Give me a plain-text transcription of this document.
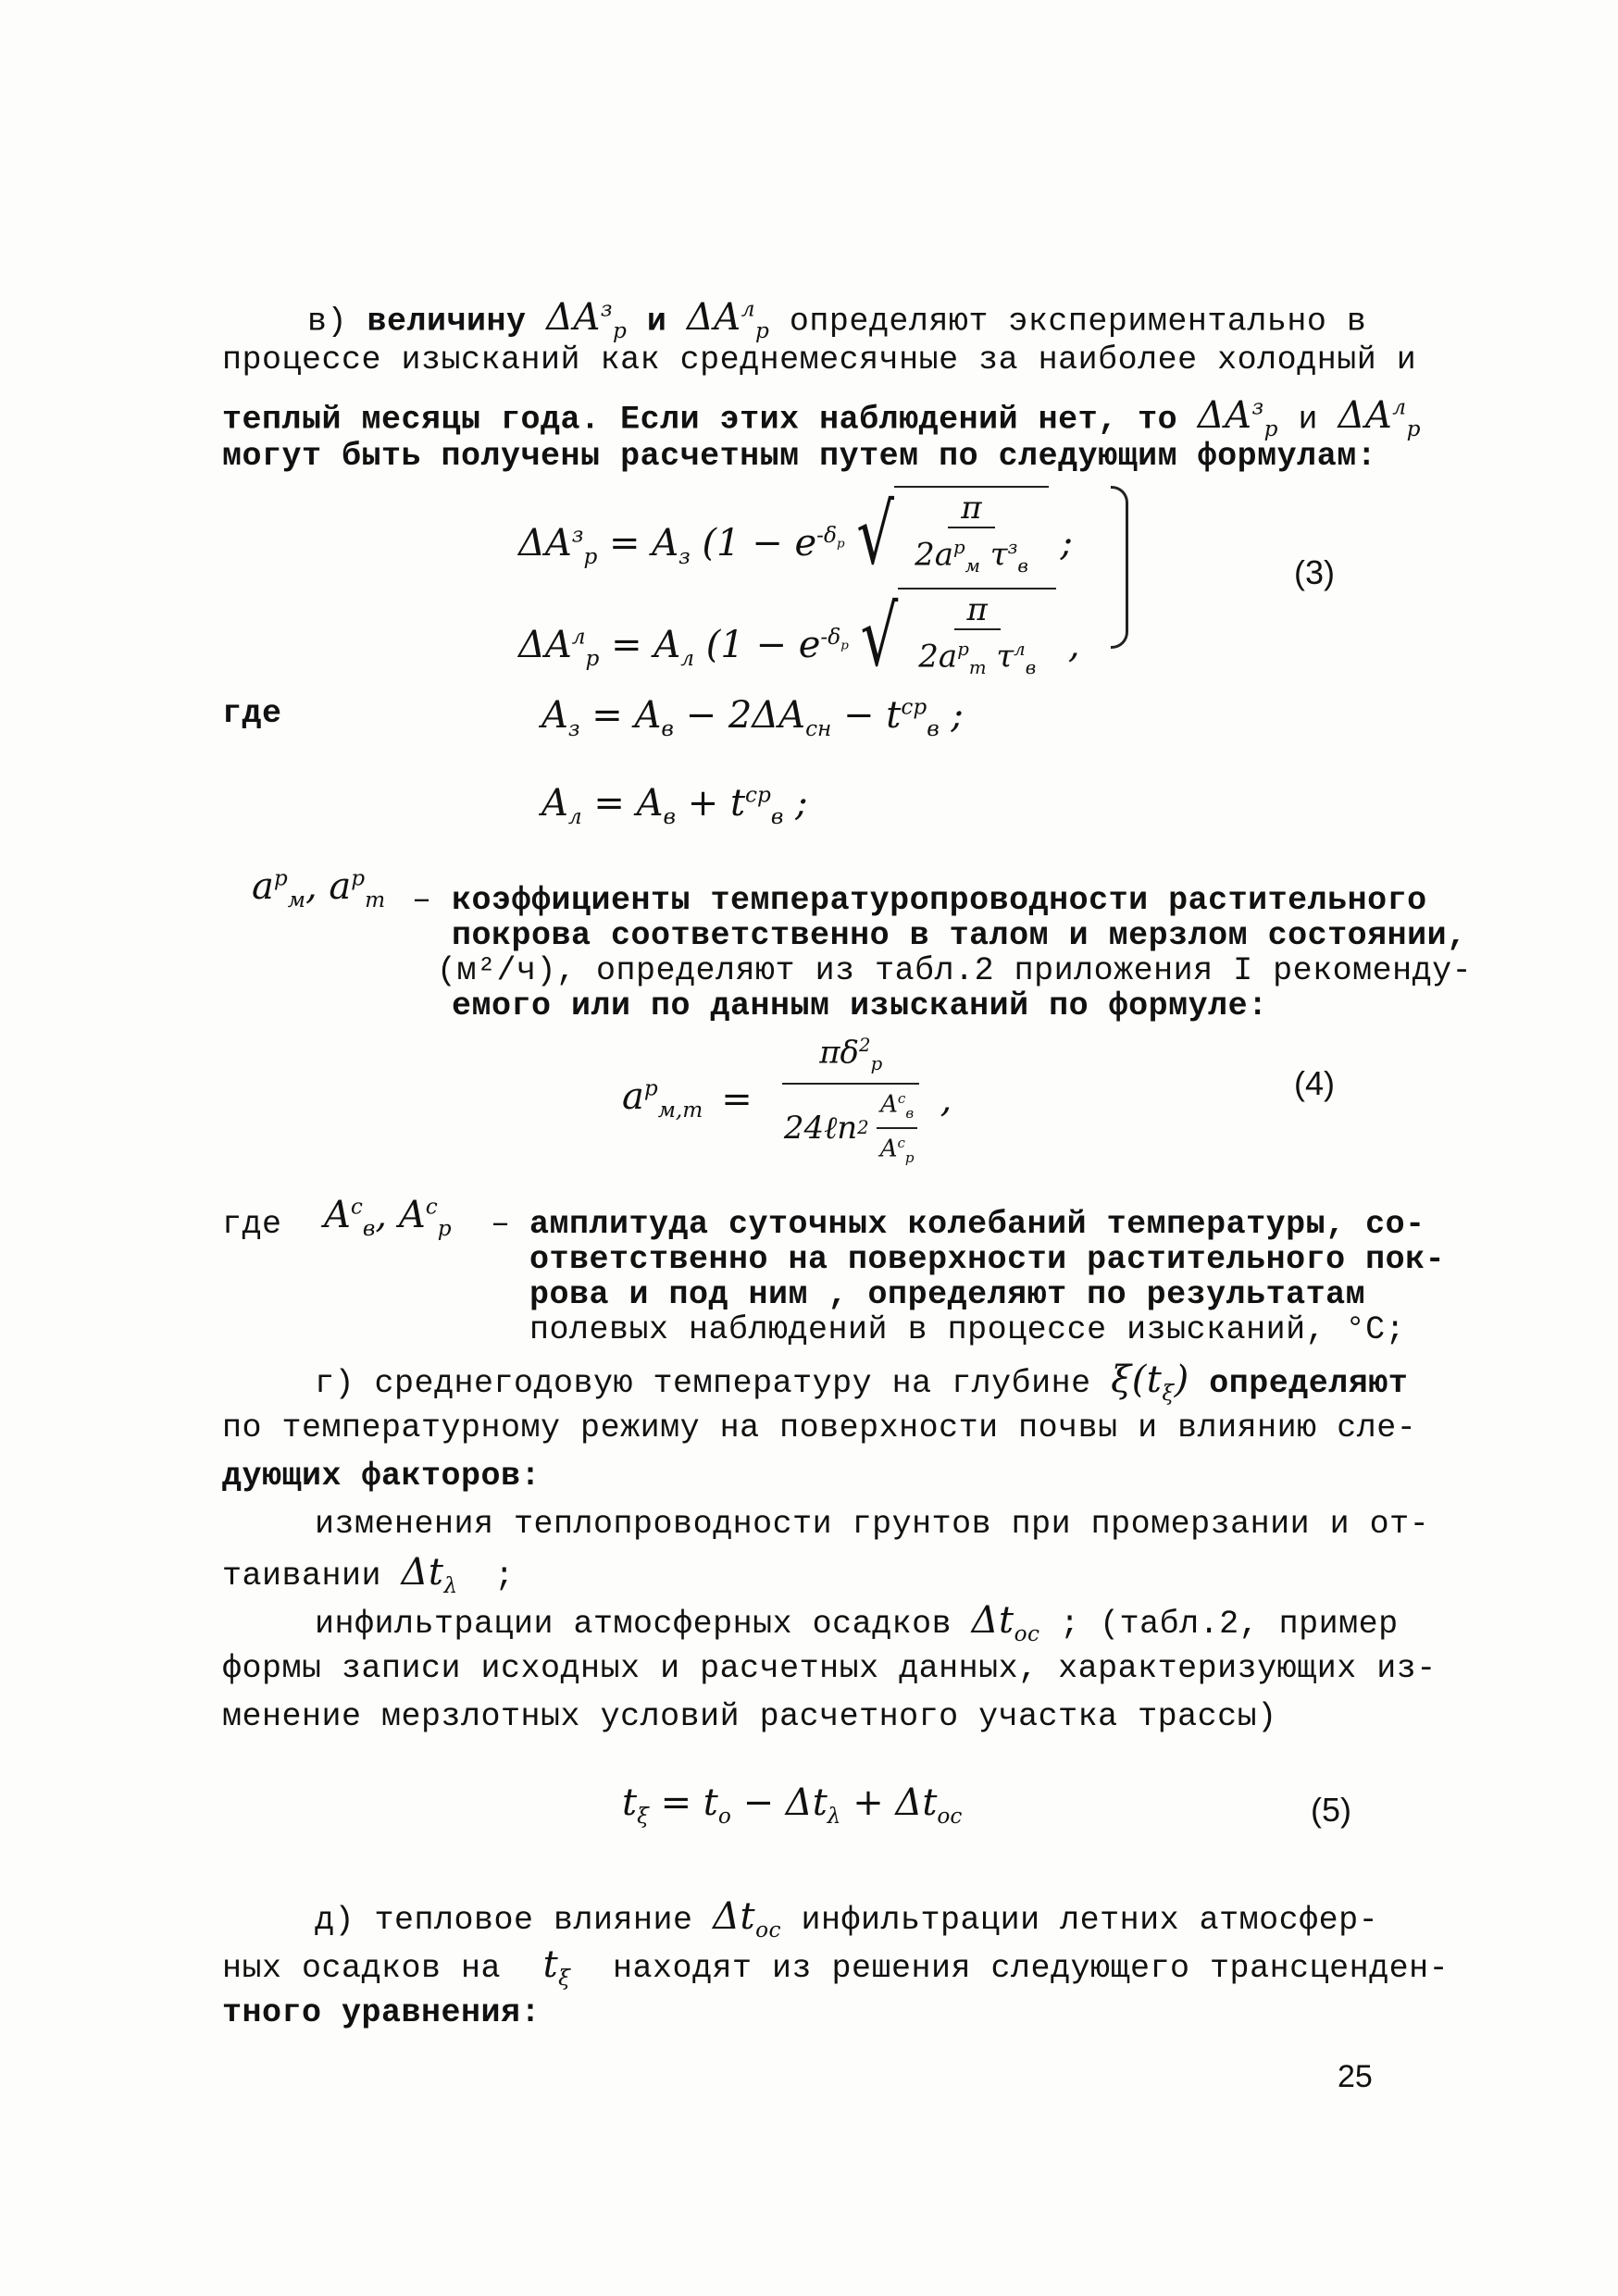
в) величину $\Delta A^з_р$ и $\Delta A^л_р$ определяют экспериментально в
процессе изысканий как среднемесячные за наиболее холодный и
теплый месяцы года. Если этих наблюдений нет, то $\Delta A^з_р$ и $\Delta A^л_р$
могут быть получены расчетным путем по следующим формулам:
$\Delta A^з_р = A_з$ ($1 - e^{-\delta_р}$ √ $\frac{\pi}{2a^р_м \tau^з_в}$ ;
$\Delta A^л_р = A_л$ ($1 - e^{-\delta_р}$ √ $\frac{\pi}{2a^р_т \tau^л_в}$ ,
(3)
где	$A_з = A_в - 2\Delta A_{сн} - t^{ср}_в$ ;
$A_л = A_в + t^{ср}_в$ ;
$a^р_м$, $a^р_т$ – коэффициенты температуропроводности растительного
покрова соответственно в талом и мерзлом состоянии,
(м²/ч), определяют из табл.2 приложения I рекоменду-
емого или по данным изысканий по формуле:
$a^р_{м,т} = \frac{\pi\delta^2_р}{24\ell n 2 \frac{A^с_в}{A^с_р}}$ ,	(4)
где $A^с_в$, $A^с_р$ – амплитуда суточных колебаний температуры, со-
ответственно на поверхности растительного пок-
рова и под ним , определяют по результатам
полевых наблюдений в процессе изысканий, °С;
г) среднегодовую температуру на глубине $\xi(t_\xi)$ определяют
по температурному режиму на поверхности почвы и влиянию сле-
дующих факторов:
изменения теплопроводности грунтов при промерзании и от-
таивании $\Delta t_\lambda$ ;
инфильтрации атмосферных осадков $\Delta t_{ос}$ ; (табл.2, пример
формы записи исходных и расчетных данных, характеризующих из-
менение мерзлотных условий расчетного участка трассы)
$t_\xi = t_о - \Delta t_\lambda + \Delta t_{ос}$	(5)
д) тепловое влияние $\Delta t_{ос}$ инфильтрации летних атмосфер-
ных осадков на $t_\xi$ находят из решения следующего трансценден-
тного уравнения:
25
